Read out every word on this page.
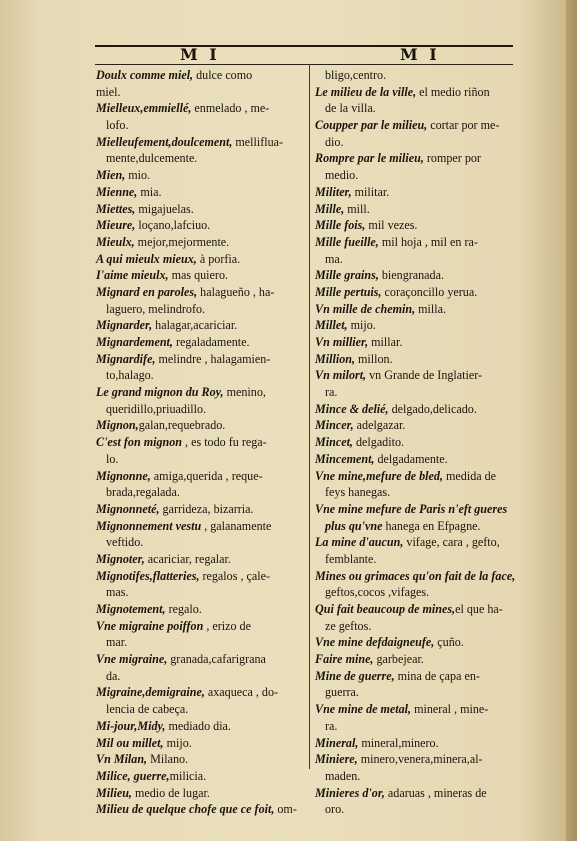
M I	M I
Doulx comme miel, dulce como
miel.
Mielleux,emmiellé, enmelado , me-
lofo.
Mielleufement,doulcement, melliflua-
mente,dulcemente.
Mien, mio.
Mienne, mia.
Miettes, migajuelas.
Mieure, loçano,lafciuo.
Mieulx, mejor,mejormente.
A qui mieulx mieux, à porfia.
I'aime mieulx, mas quiero.
Mignard en paroles, halagueño , ha-
laguero, melindrofo.
Mignarder, halagar,acariciar.
Mignardement, regaladamente.
Mignardife, melindre , halagamien-
to,halago.
Le grand mignon du Roy, menino,
queridillo,priuadillo.
Mignon,galan,requebrado.
C'est fon mignon , es todo fu rega-
lo.
Mignonne, amiga,querida , reque-
brada,regalada.
Mignonneté, garrideza, bizarria.
Mignonnement vestu , galanamente
veftido.
Mignoter, acariciar, regalar.
Mignotifes,flatteries, regalos , çale-
mas.
Mignotement, regalo.
Vne migraine poiffon , erizo de
mar.
Vne migraine, granada,cafarigrana
da.
Migraine,demigraine, axaqueca , do-
lencia de cabeça.
Mi-jour,Midy, mediado dia.
Mil ou millet, mijo.
Vn Milan, Milano.
Milice, guerre,milicia.
Milieu, medio de lugar.
Milieu de quelque chofe que ce foit, om-
bligo,centro.
Le milieu de la ville, el medio riñon
de la villa.
Coupper par le milieu, cortar por me-
dio.
Rompre par le milieu, romper por
medio.
Militer, militar.
Mille, mill.
Mille fois, mil vezes.
Mille fueille, mil hoja , mil en ra-
ma.
Mille grains, biengranada.
Mille pertuis, coraçoncillo yerua.
Vn mille de chemin, milla.
Millet, mijo.
Vn millier, millar.
Million, millon.
Vn milort, vn Grande de Inglatier-
ra.
Mince & delié, delgado,delicado.
Mincer, adelgazar.
Mincet, delgadito.
Mincement, delgadamente.
Vne mine,mefure de bled, medida de
feys hanegas.
Vne mine mefure de Paris n'eft gueres
plus qu'vne hanega en Efpagne.
La mine d'aucun, vifage, cara , gefto,
femblante.
Mines ou grimaces qu'on fait de la face,
geftos,cocos ,vifages.
Qui fait beaucoup de mines,el que ha-
ze geftos.
Vne mine defdaigneufe, çuño.
Faire mine, garbejear.
Mine de guerre, mina de çapa en-
guerra.
Vne mine de metal, mineral , mine-
ra.
Mineral, mineral,minero.
Miniere, minero,venera,minera,al-
maden.
Minieres d'or, adaruas , mineras de
oro.
